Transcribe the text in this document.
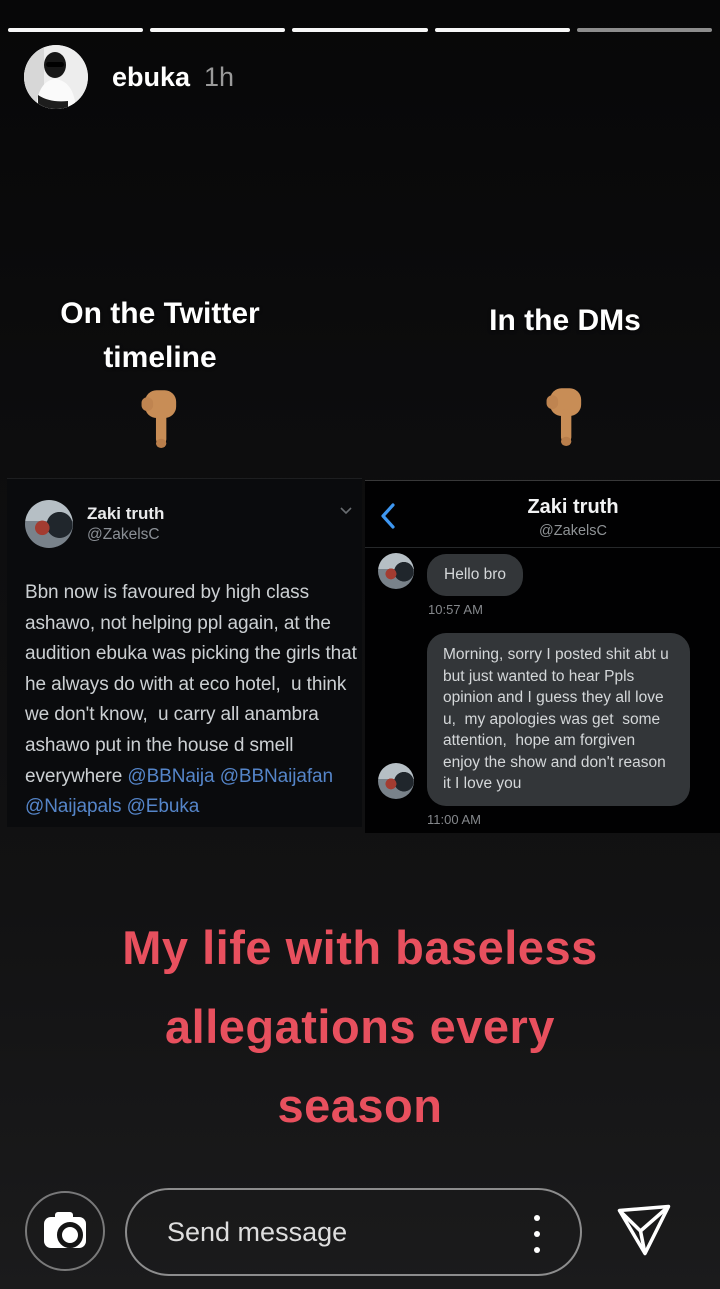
ebuka 1h
On the Twitter
timeline
In the DMs
Zaki truth
@ZakelsC

Bbn now is favoured by high class ashawo, not helping ppl again, at the audition ebuka was picking the girls that he always do with at eco hotel,  u think we don't know,  u carry all anambra ashawo put in the house d smell everywhere @BBNaija @BBNaijafan @Naijapals @Ebuka

Zaki truth
@ZakelsC
Hello bro
10:57 AM
Morning, sorry I posted shit abt u but just wanted to hear Ppls opinion and I guess they all love u,  my apologies was get  some attention,  hope am forgiven enjoy the show and don't reason it I love you
11:00 AM
My life with baseless
allegations every
season
Send message
